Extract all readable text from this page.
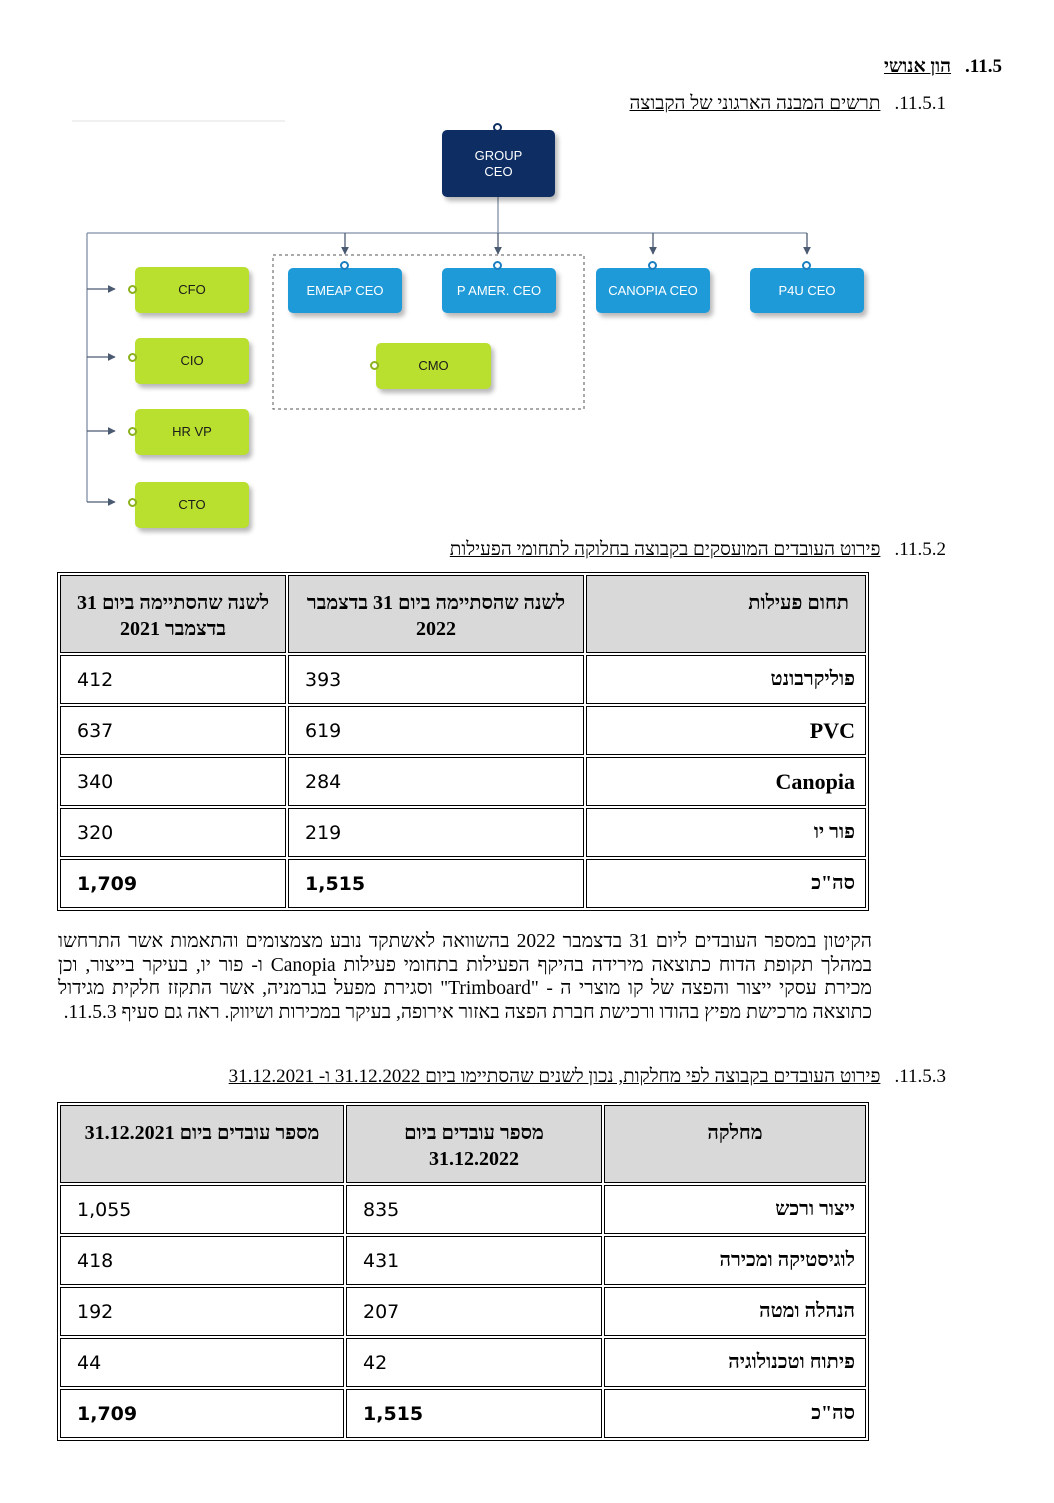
11.5.הון אנושי
11.5.1.תרשים המבנה הארגוני של הקבוצה
GROUP
CEO
EMEAP CEO	P AMER. CEO	CANOPIA CEO	P4U CEO
CMO
CFO
CIO
HR VP
CTO
11.5.2.פירוט העובדים המועסקים בקבוצה בחלוקה לתחומי הפעילות
תחום פעילות	לשנה שהסתיימה ביום 31 בדצמבר 2022	לשנה שהסתיימה ביום 31 בדצמבר 2021
פוליקרבונט	393	412
PVC	619	637
Canopia	284	340
פור יו	219	320
סה"כ	1,515	1,709
הקיטון במספר העובדים ליום 31 בדצמבר 2022 בהשוואה לאשתקד נובע מצמצומים והתאמות אשר התרחשו במהלך תקופת הדוח כתוצאה מירידה בהיקף הפעילות בתחומי פעילות Canopia ו- פור יו, בעיקר בייצור, וכן מכירת עסקי ייצור והפצה של קו מוצרי ה - "Trimboard" וסגירת מפעל בגרמניה, אשר התקזז חלקית מגידול כתוצאה מרכישת מפיץ בהודו ורכישת חברת הפצה באזור אירופה, בעיקר במכירות ושיווק. ראה גם סעיף 11.5.3.
11.5.3.פירוט העובדים בקבוצה לפי מחלקות, נכון לשנים שהסתיימו ביום 31.12.2022 ו- 31.12.2021
מחלקה	מספר עובדים ביום 31.12.2022	מספר עובדים ביום 31.12.2021
ייצור ורכש	835	1,055
לוגיסטיקה ומכירה	431	418
הנהלה ומטה	207	192
פיתוח וטכנולוגיה	42	44
סה"כ	1,515	1,709
